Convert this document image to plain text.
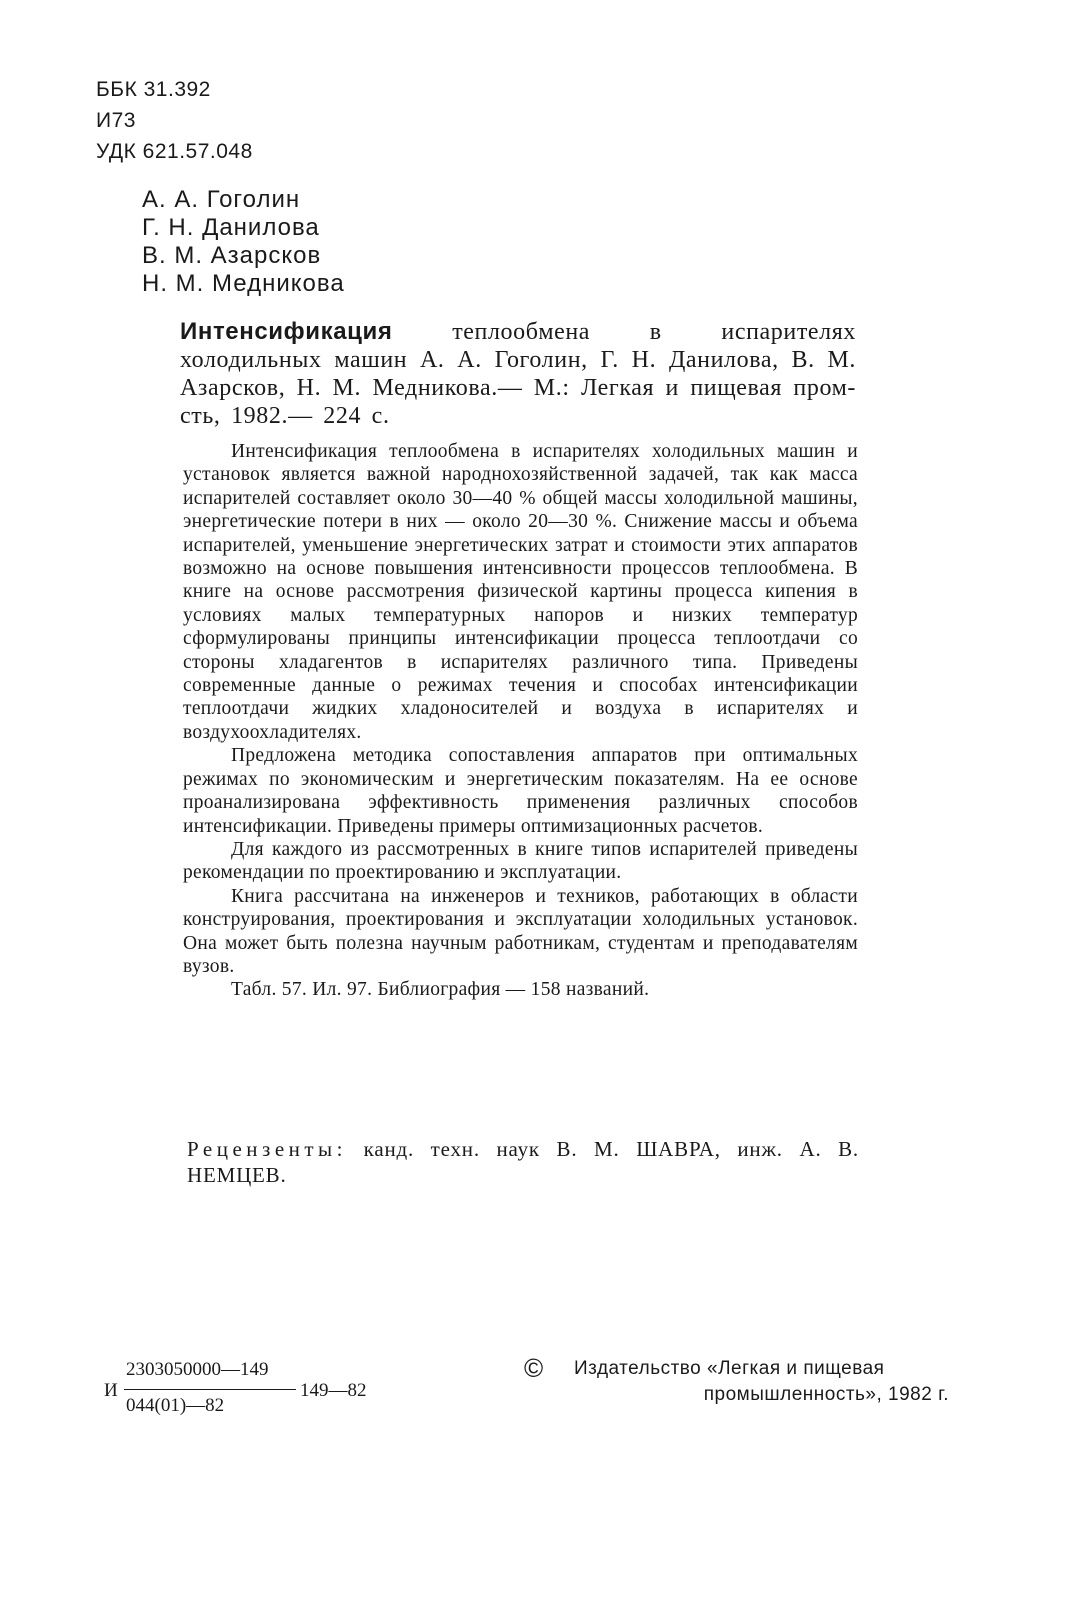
ББК 31.392
И73
УДК 621.57.048
А. А. Гоголин
Г. Н. Данилова
В. М. Азарсков
Н. М. Медникова
Интенсификация теплообмена в испарителях холодильных машин А. А. Гоголин, Г. Н. Данилова, В. М. Азарсков, Н. М. Медникова.— М.: Легкая и пищевая пром-сть, 1982.— 224 с.

Интенсификация теплообмена в испарителях холодильных машин и установок является важной народнохозяйственной задачей, так как масса испарителей составляет около 30—40 % общей массы холодильной машины, энергетические потери в них — около 20—30 %. Снижение массы и объема испарителей, уменьшение энергетических затрат и стоимости этих аппаратов возможно на основе повышения интенсивности процессов теплообмена. В книге на основе рассмотрения физической картины процесса кипения в условиях малых температурных напоров и низких температур сформулированы принципы интенсификации процесса теплоотдачи со стороны хладагентов в испарителях различного типа. Приведены современные данные о режимах течения и способах интенсификации теплоотдачи жидких хладоносителей и воздуха в испарителях и воздухоохладителях.

Предложена методика сопоставления аппаратов при оптимальных режимах по экономическим и энергетическим показателям. На ее основе проанализирована эффективность применения различных способов интенсификации. Приведены примеры оптимизационных расчетов.

Для каждого из рассмотренных в книге типов испарителей приведены рекомендации по проектированию и эксплуатации.

Книга рассчитана на инженеров и техников, работающих в области конструирования, проектирования и эксплуатации холодильных установок. Она может быть полезна научным работникам, студентам и преподавателям вузов.

Табл. 57. Ил. 97. Библиография — 158 названий.

Рецензенты: канд. техн. наук В. М. ШАВРА, инж. А. В. НЕМЦЕВ.
И
2303050000—149
044(01)—82
149—82
© Издательство «Легкая и пищевая
промышленность», 1982 г.
